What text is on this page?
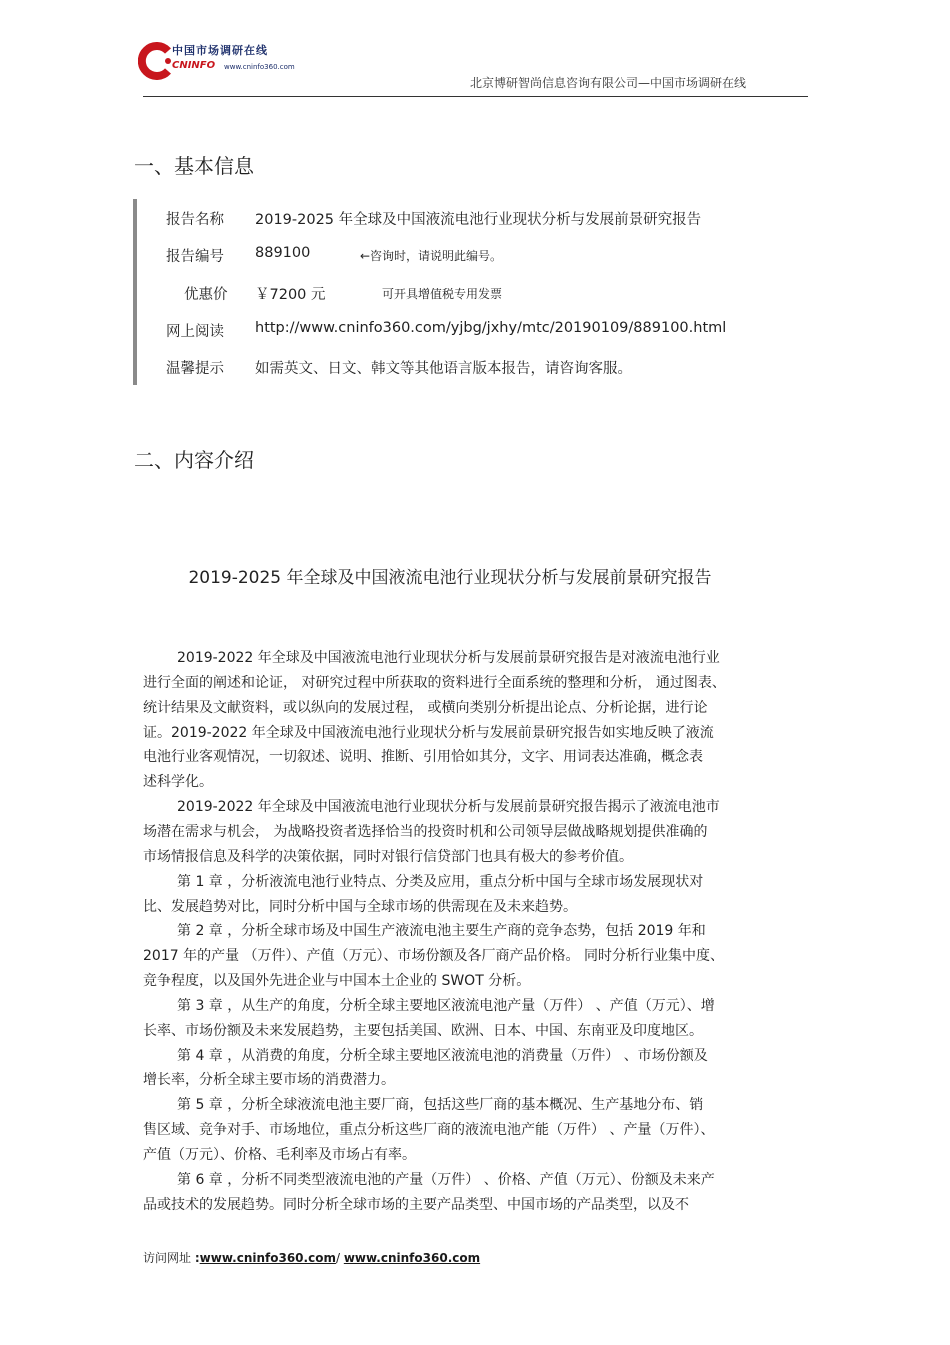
中国市场调研在线
CNINFO www.cninfo360.com
北京博研智尚信息咨询有限公司—中国市场调研在线
一、基本信息
报告名称 2019-2025 年全球及中国液流电池行业现状分析与发展前景研究报告
报告编号 889100	←咨询时，请说明此编号。
优惠价 ￥7200 元	可开具增值税专用发票
网上阅读 http://www.cninfo360.com/yjbg/jxhy/mtc/20190109/889100.html
温馨提示 如需英文、日文、韩文等其他语言版本报告，请咨询客服。
二、内容介绍
2019-2025 年全球及中国液流电池行业现状分析与发展前景研究报告
2019-2022 年全球及中国液流电池行业现状分析与发展前景研究报告是对液流电池行业
进行全面的阐述和论证， 对研究过程中所获取的资料进行全面系统的整理和分析， 通过图表、
统计结果及文献资料，或以纵向的发展过程， 或横向类别分析提出论点、分析论据，进行论
证。2019-2022 年全球及中国液流电池行业现状分析与发展前景研究报告如实地反映了液流
电池行业客观情况，一切叙述、说明、推断、引用恰如其分，文字、用词表达准确，概念表
述科学化。
2019-2022 年全球及中国液流电池行业现状分析与发展前景研究报告揭示了液流电池市
场潜在需求与机会， 为战略投资者选择恰当的投资时机和公司领导层做战略规划提供准确的
市场情报信息及科学的决策依据，同时对银行信贷部门也具有极大的参考价值。
第 1 章 ，分析液流电池行业特点、分类及应用，重点分析中国与全球市场发展现状对
比、发展趋势对比，同时分析中国与全球市场的供需现在及未来趋势。
第 2 章 ，分析全球市场及中国生产液流电池主要生产商的竞争态势，包括 2019 年和
2017 年的产量 （万件）、产值（万元）、市场份额及各厂商产品价格。 同时分析行业集中度、
竞争程度，以及国外先进企业与中国本土企业的 SWOT 分析。
第 3 章 ，从生产的角度，分析全球主要地区液流电池产量（万件） 、产值（万元）、增
长率、市场份额及未来发展趋势，主要包括美国、欧洲、日本、中国、东南亚及印度地区。
第 4 章 ，从消费的角度，分析全球主要地区液流电池的消费量（万件） 、市场份额及
增长率，分析全球主要市场的消费潜力。
第 5 章 ，分析全球液流电池主要厂商，包括这些厂商的基本概况、生产基地分布、销
售区域、竞争对手、市场地位，重点分析这些厂商的液流电池产能（万件） 、产量（万件）、
产值（万元）、价格、毛利率及市场占有率。
第 6 章 ，分析不同类型液流电池的产量（万件） 、价格、产值（万元）、份额及未来产
品或技术的发展趋势。同时分析全球市场的主要产品类型、中国市场的产品类型，以及不
访问网址 :www.cninfo360.com/ www.cninfo360.com
